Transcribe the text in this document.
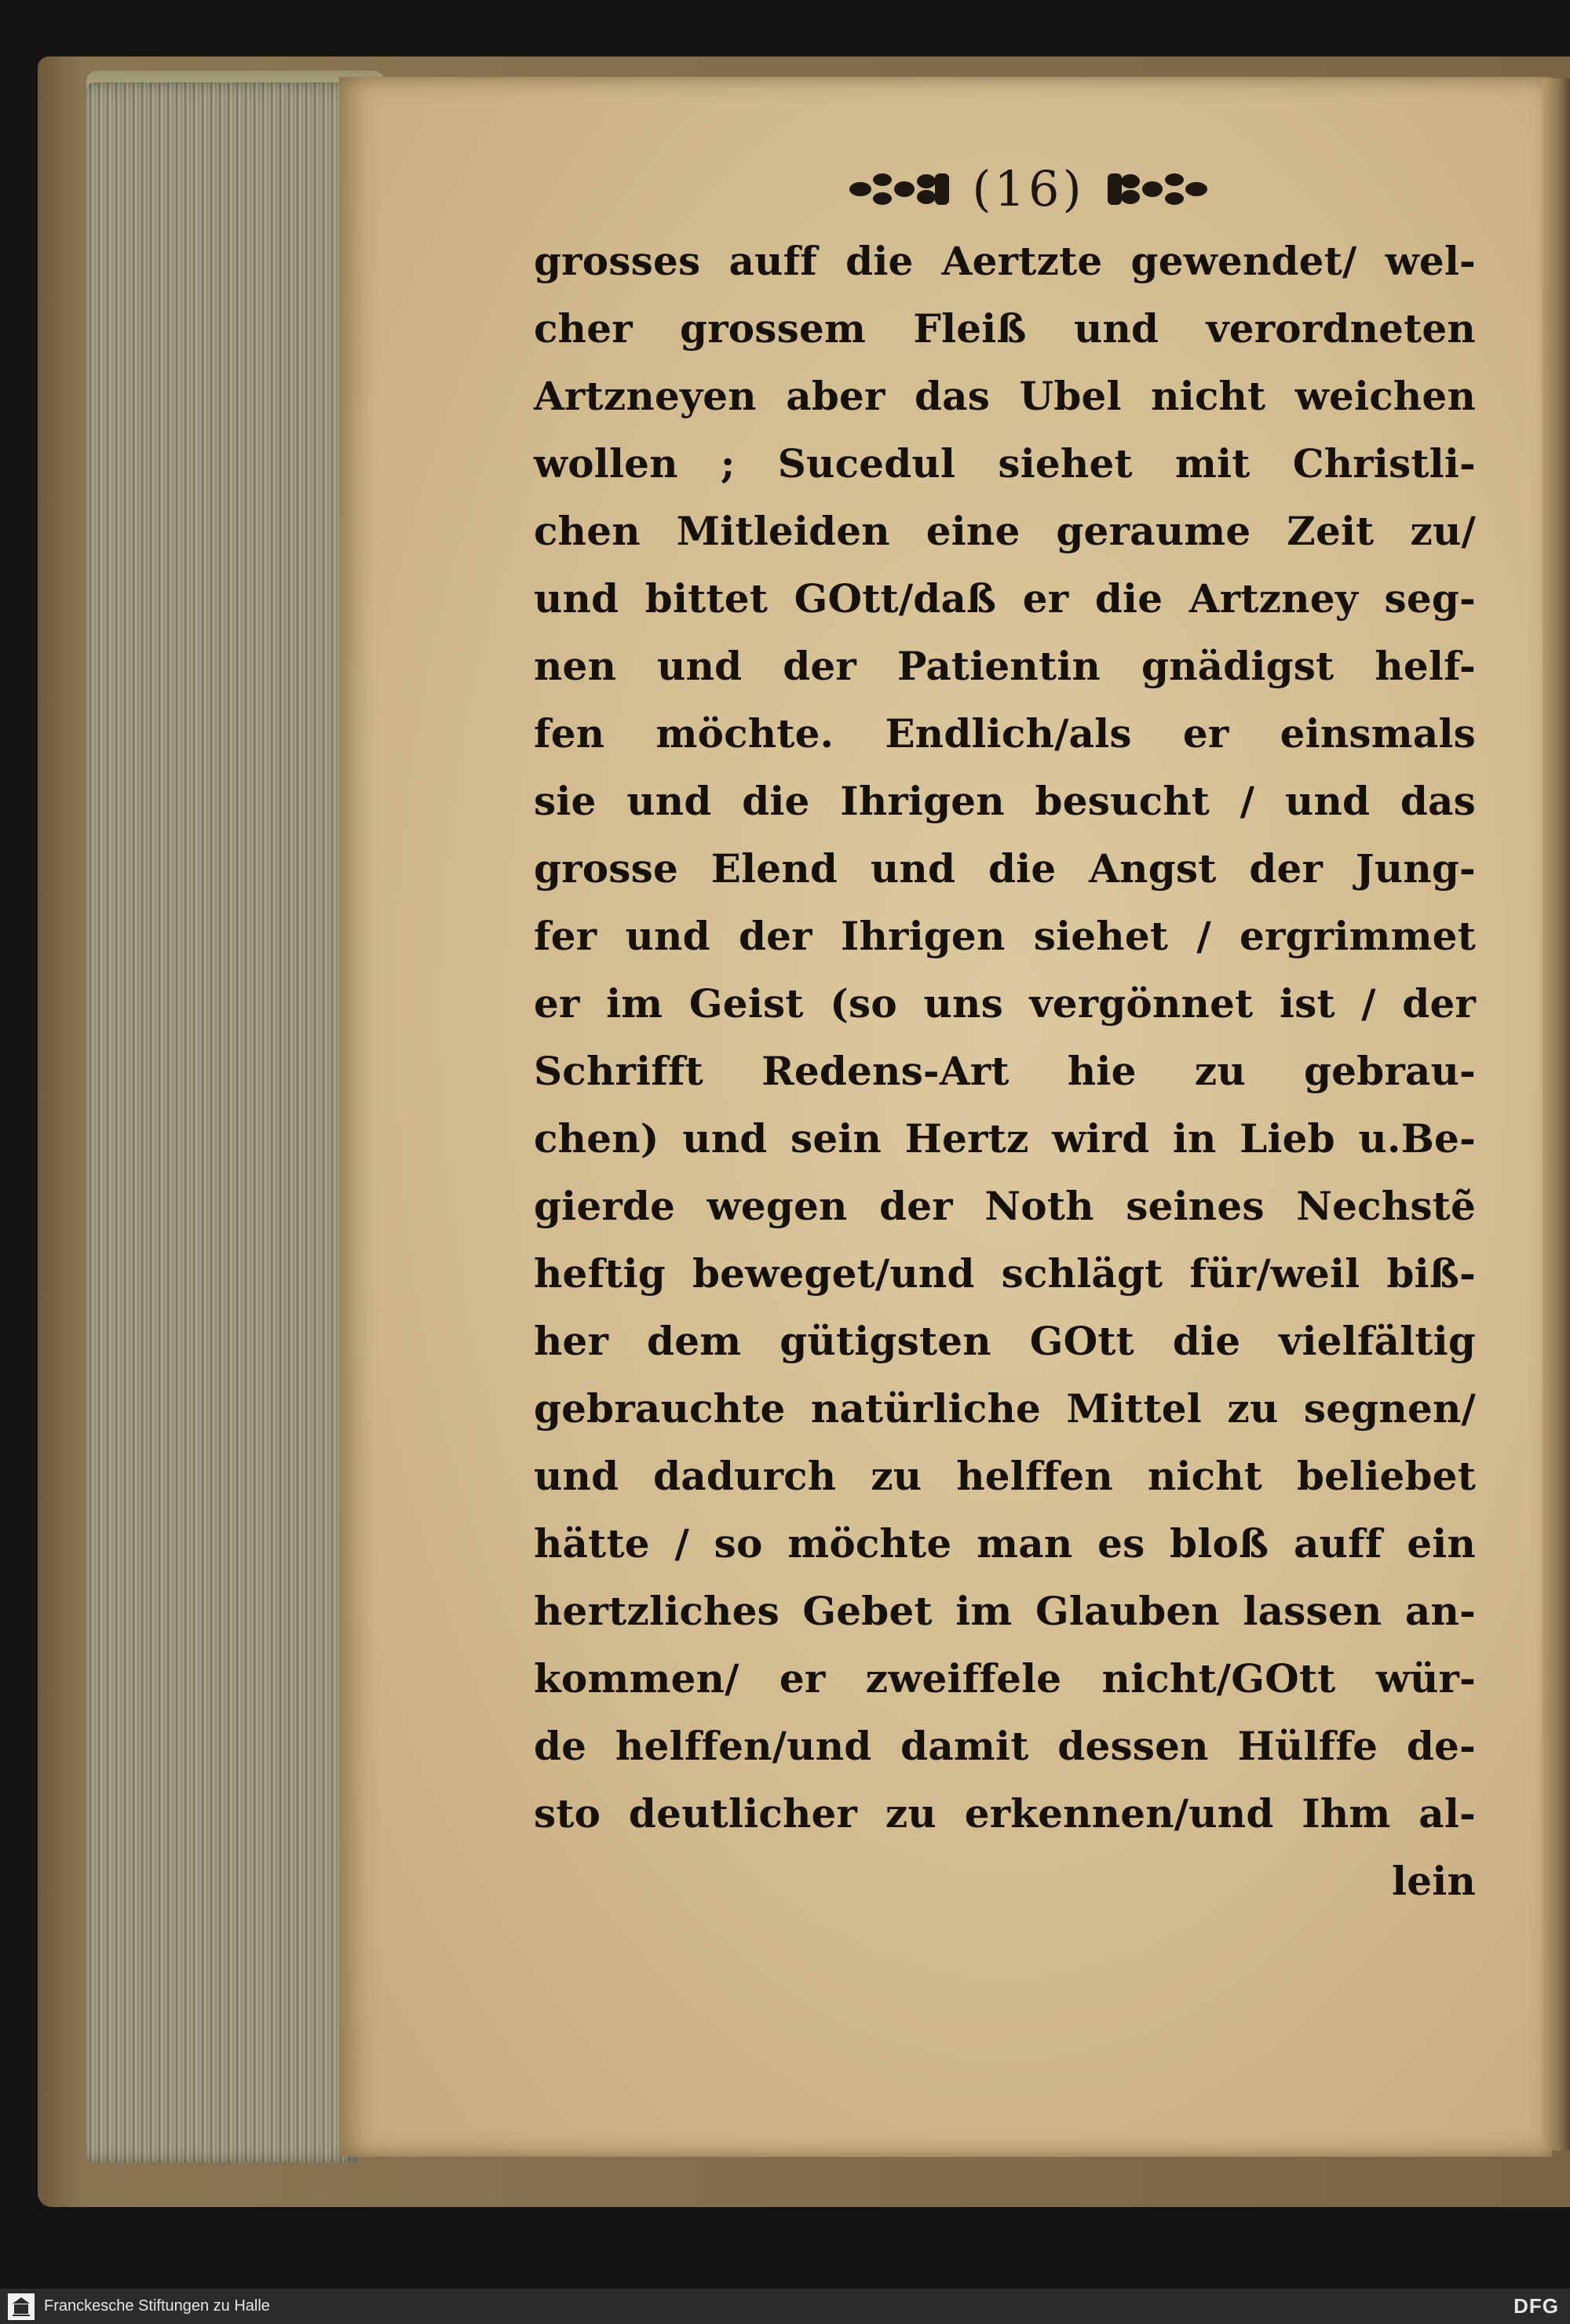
(16)
grosses auff die Aertzte gewendet/ wel-
cher grossem Fleiß und verordneten
Artzneyen aber das Ubel nicht weichen
wollen ; Sucedul siehet mit Christli-
chen Mitleiden eine geraume Zeit zu/
und bittet GOtt/daß er die Artzney seg-
nen und der Patientin gnädigst helf-
fen möchte. Endlich/als er einsmals
sie und die Ihrigen besucht / und das
grosse Elend und die Angst der Jung-
fer und der Ihrigen siehet / ergrimmet
er im Geist (so uns vergönnet ist / der
Schrifft Redens-Art hie zu gebrau-
chen) und sein Hertz wird in Lieb u.Be-
gierde wegen der Noth seines Nechstẽ
heftig beweget/und schlägt für/weil biß-
her dem gütigsten GOtt die vielfältig
gebrauchte natürliche Mittel zu segnen/
und dadurch zu helffen nicht beliebet
hätte / so möchte man es bloß auff ein
hertzliches Gebet im Glauben lassen an-
kommen/ er zweiffele nicht/GOtt wür-
de helffen/und damit dessen Hülffe de-
sto deutlicher zu erkennen/und Ihm al-
lein
Franckesche Stiftungen zu Halle	DFG
